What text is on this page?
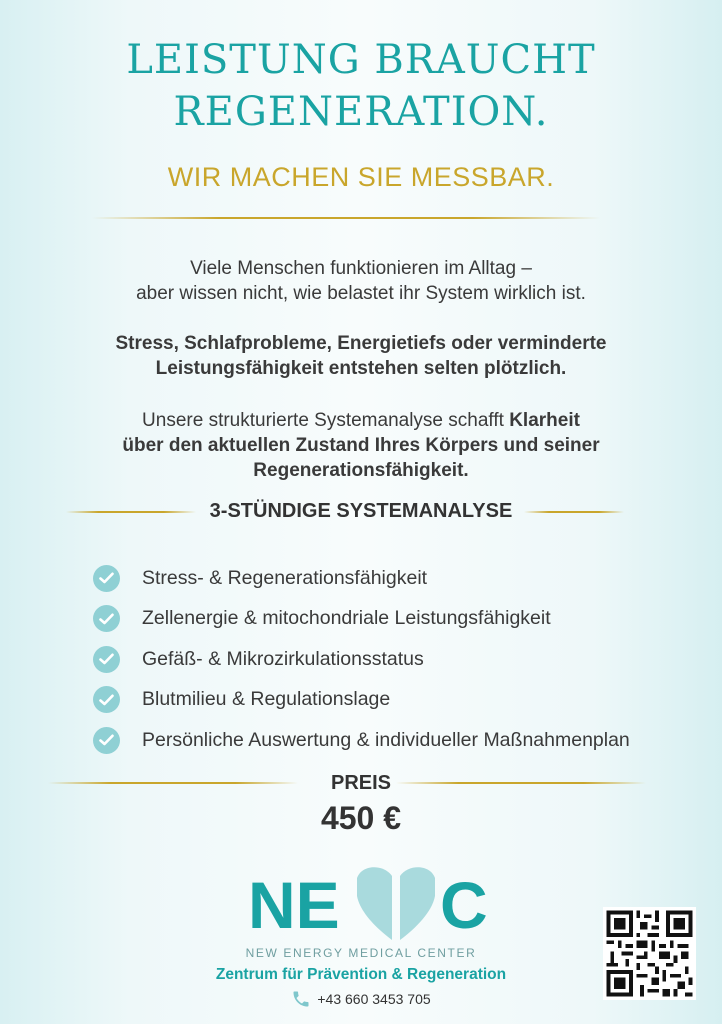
LEISTUNG BRAUCHT
REGENERATION.
WIR MACHEN SIE MESSBAR.
Viele Menschen funktionieren im Alltag –
aber wissen nicht, wie belastet ihr System wirklich ist.
Stress, Schlafprobleme, Energietiefs oder verminderte
Leistungsfähigkeit entstehen selten plötzlich.
Unsere strukturierte Systemanalyse schafft Klarheit
über den aktuellen Zustand Ihres Körpers und seiner
Regenerationsfähigkeit.
3-STÜNDIGE SYSTEMANALYSE
Stress- & Regenerationsfähigkeit
Zellenergie & mitochondriale Leistungsfähigkeit
Gefäß- & Mikrozirkulationsstatus
Blutmilieu & Regulationslage
Persönliche Auswertung & individueller Maßnahmenplan
PREIS
450 €
NE C
NEW ENERGY MEDICAL CENTER
Zentrum für Prävention & Regeneration
+43 660 3453 705
